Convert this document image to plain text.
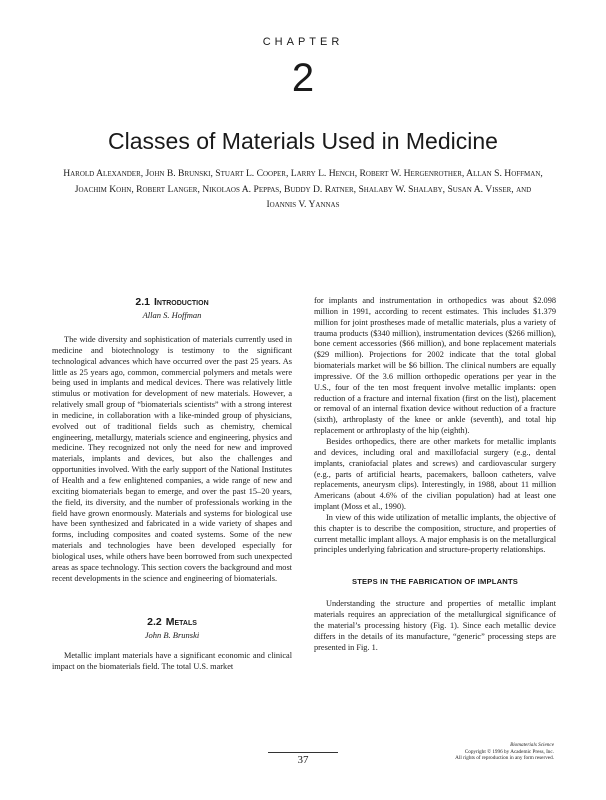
CHAPTER
2
Classes of Materials Used in Medicine
Harold Alexander, John B. Brunski, Stuart L. Cooper, Larry L. Hench, Robert W. Hergenrother, Allan S. Hoffman, Joachim Kohn, Robert Langer, Nikolaos A. Peppas, Buddy D. Ratner, Shalaby W. Shalaby, Susan A. Visser, and Ioannis V. Yannas
2.1 Introduction
Allan S. Hoffman

The wide diversity and sophistication of materials currently used in medicine and biotechnology is testimony to the significant technological advances which have occurred over the past 25 years. As little as 25 years ago, common, commercial polymers and metals were being used in implants and medical devices. There was relatively little stimulus or motivation for development of new materials. However, a relatively small group of “biomaterials scientists” with a strong interest in medicine, in collaboration with a like-minded group of physicians, evolved out of traditional fields such as chemistry, chemical engineering, metallurgy, materials science and engineering, physics and medicine. They recognized not only the need for new and improved materials, implants and devices, but also the challenges and opportunities involved. With the early support of the National Institutes of Health and a few enlightened companies, a wide range of new and exciting biomaterials began to emerge, and over the past 15–20 years, the field, its diversity, and the number of professionals working in the field have grown enormously. Materials and systems for biological use have been synthesized and fabricated in a wide variety of shapes and forms, including composites and coated systems. Some of the new materials and technologies have been developed especially for biological uses, while others have been borrowed from such unexpected areas as space technology. This section covers the background and most recent developments in the science and engineering of biomaterials.

2.2 Metals
John B. Brunski

Metallic implant materials have a significant economic and clinical impact on the biomaterials field. The total U.S. market

for implants and instrumentation in orthopedics was about $2.098 million in 1991, according to recent estimates. This includes $1.379 million for joint prostheses made of metallic materials, plus a variety of trauma products ($340 million), instrumentation devices ($266 million), bone cement accessories ($66 million), and bone replacement materials ($29 million). Projections for 2002 indicate that the total global biomaterials market will be $6 billion. The clinical numbers are equally impressive. Of the 3.6 million orthopedic operations per year in the U.S., four of the ten most frequent involve metallic implants: open reduction of a fracture and internal fixation (first on the list), placement or removal of an internal fixation device without reduction of a fracture (sixth), arthroplasty of the knee or ankle (seventh), and total hip replacement or arthroplasty of the hip (eighth).

Besides orthopedics, there are other markets for metallic implants and devices, including oral and maxillofacial surgery (e.g., dental implants, craniofacial plates and screws) and cardiovascular surgery (e.g., parts of artificial hearts, pacemakers, balloon catheters, valve replacements, aneurysm clips). Interestingly, in 1988, about 11 million Americans (about 4.6% of the civilian population) had at least one implant (Moss et al., 1990).

In view of this wide utilization of metallic implants, the objective of this chapter is to describe the composition, structure, and properties of current metallic implant alloys. A major emphasis is on the metallurgical principles underlying fabrication and structure-property relationships.

STEPS IN THE FABRICATION OF IMPLANTS

Understanding the structure and properties of metallic implant materials requires an appreciation of the metallurgical significance of the material’s processing history (Fig. 1). Since each metallic device differs in the details of its manufacture, “generic” processing steps are presented in Fig. 1.

37
Biomaterials Science
Copyright © 1996 by Academic Press, Inc.
All rights of reproduction in any form reserved.
